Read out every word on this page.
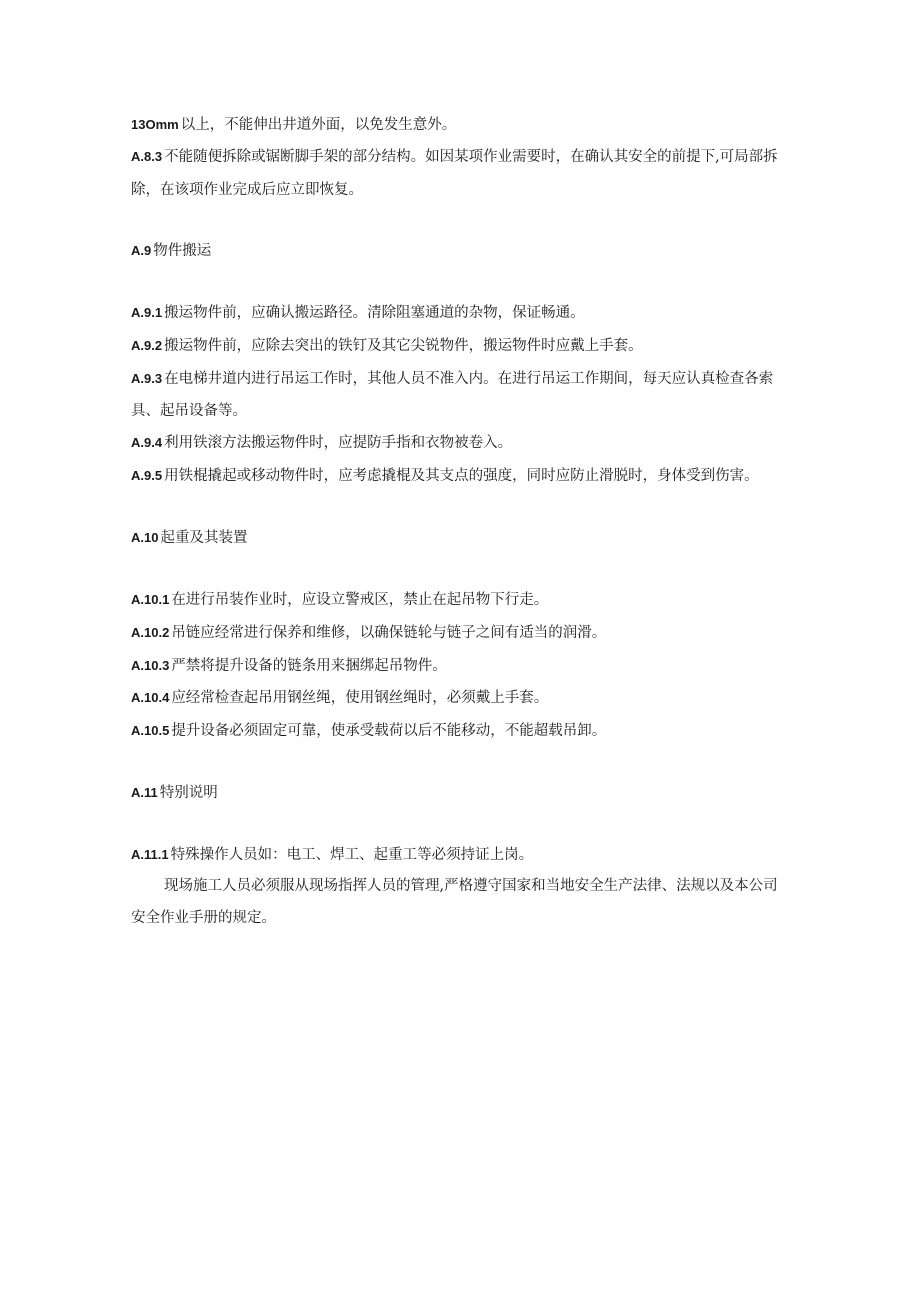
13Omm 以上，不能伸出井道外面，以免发生意外。
A.8.3 不能随便拆除或锯断脚手架的部分结构。如因某项作业需要时，在确认其安全的前提下,可局部拆
除，在该项作业完成后应立即恢复。
A.9 物件搬运
A.9.1 搬运物件前，应确认搬运路径。清除阻塞通道的杂物，保证畅通。
A.9.2 搬运物件前，应除去突出的铁钉及其它尖锐物件，搬运物件时应戴上手套。
A.9.3 在电梯井道内进行吊运工作时，其他人员不准入内。在进行吊运工作期间，每天应认真检查各索
具、起吊设备等。
A.9.4 利用铁滚方法搬运物件时，应提防手指和衣物被卷入。
A.9.5 用铁棍撬起或移动物件时，应考虑撬棍及其支点的强度，同时应防止滑脱时，身体受到伤害。
A.10 起重及其装置
A.10.1 在进行吊装作业时，应设立警戒区，禁止在起吊物下行走。
A.10.2 吊链应经常进行保养和维修，以确保链轮与链子之间有适当的润滑。
A.10.3 严禁将提升设备的链条用来捆绑起吊物件。
A.10.4 应经常检查起吊用钢丝绳，使用钢丝绳时，必须戴上手套。
A.10.5 提升设备必须固定可靠，使承受载荷以后不能移动，不能超载吊卸。
A.11 特别说明
A.11.1 特殊操作人员如：电工、焊工、起重工等必须持证上岗。
现场施工人员必须服从现场指挥人员的管理,严格遵守国家和当地安全生产法律、法规以及本公司
安全作业手册的规定。
